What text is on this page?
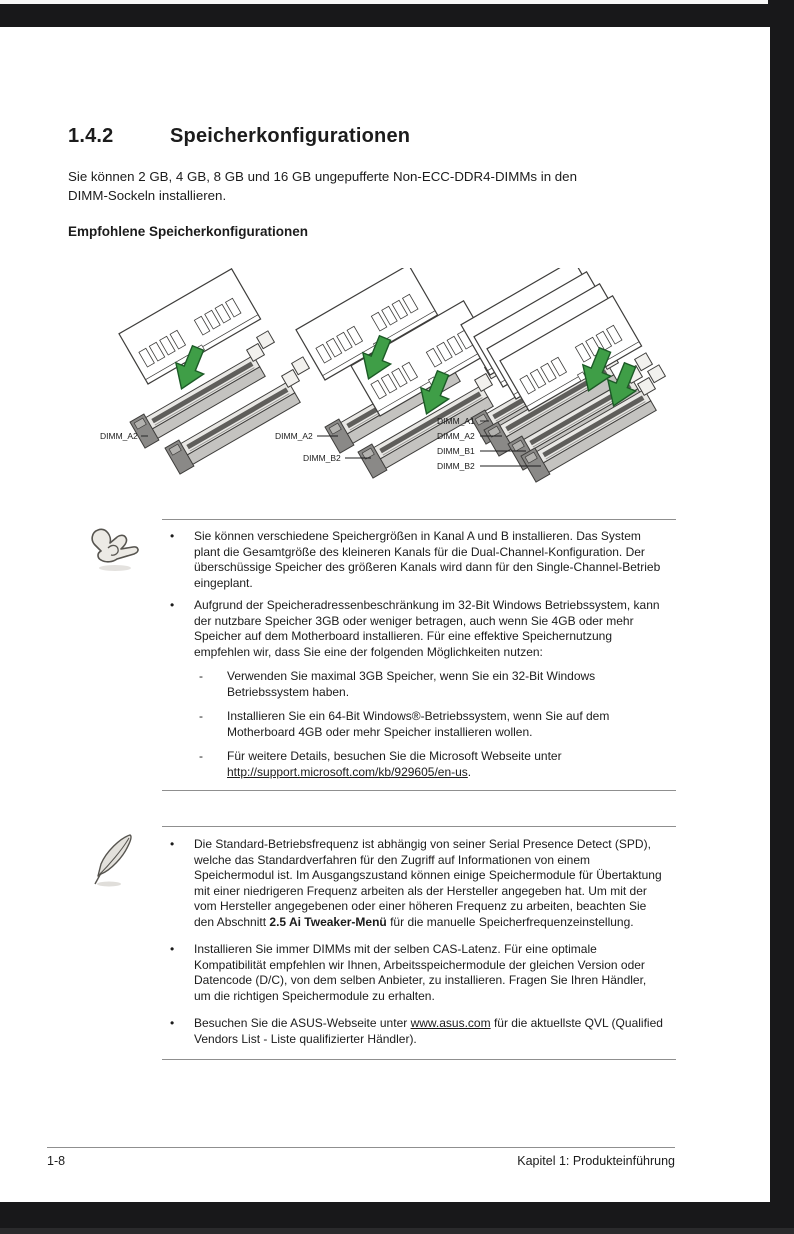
1.4.2	Speicherkonfigurationen
Sie können 2 GB, 4 GB, 8 GB und 16 GB ungepufferte Non-ECC-DDR4-DIMMs in den DIMM-Sockeln installieren.
Empfohlene Speicherkonfigurationen
DIMM_A2	DIMM_A2
DIMM_B2
DIMM_A1
DIMM_A2
DIMM_B1
DIMM_B2
•	Sie können verschiedene Speichergrößen in Kanal A und B installieren. Das System plant die Gesamtgröße des kleineren Kanals für die Dual-Channel-Konfiguration. Der überschüssige Speicher des größeren Kanals wird dann für den Single-Channel-Betrieb eingeplant.
•	Aufgrund der Speicheradressenbeschränkung im 32-Bit Windows Betriebssystem, kann der nutzbare Speicher 3GB oder weniger betragen, auch wenn Sie 4GB oder mehr Speicher auf dem Motherboard installieren. Für eine effektive Speichernutzung empfehlen wir, dass Sie eine der folgenden Möglichkeiten nutzen:
-	Verwenden Sie maximal 3GB Speicher, wenn Sie ein 32-Bit Windows Betriebssystem haben.
-	Installieren Sie ein 64-Bit Windows®-Betriebssystem, wenn Sie auf dem Motherboard 4GB oder mehr Speicher installieren wollen.
-	Für weitere Details, besuchen Sie die Microsoft Webseite unter http://support.microsoft.com/kb/929605/en-us.
•	Die Standard-Betriebsfrequenz ist abhängig von seiner Serial Presence Detect (SPD), welche das Standardverfahren für den Zugriff auf Informationen von einem Speichermodul ist. Im Ausgangszustand können einige Speichermodule für Übertaktung mit einer niedrigeren Frequenz arbeiten als der Hersteller angegeben hat. Um mit der vom Hersteller angegebenen oder einer höheren Frequenz zu arbeiten, beachten Sie den Abschnitt 2.5 Ai Tweaker-Menü für die manuelle Speicherfrequenzeinstellung.
•	Installieren Sie immer DIMMs mit der selben CAS-Latenz. Für eine optimale Kompatibilität empfehlen wir Ihnen, Arbeitsspeichermodule der gleichen Version oder Datencode (D/C), von dem selben Anbieter, zu installieren. Fragen Sie Ihren Händler, um die richtigen Speichermodule zu erhalten.
•	Besuchen Sie die ASUS-Webseite unter www.asus.com für die aktuellste QVL (Qualified Vendors List - Liste qualifizierter Händler).
1-8	Kapitel 1: Produkteinführung
